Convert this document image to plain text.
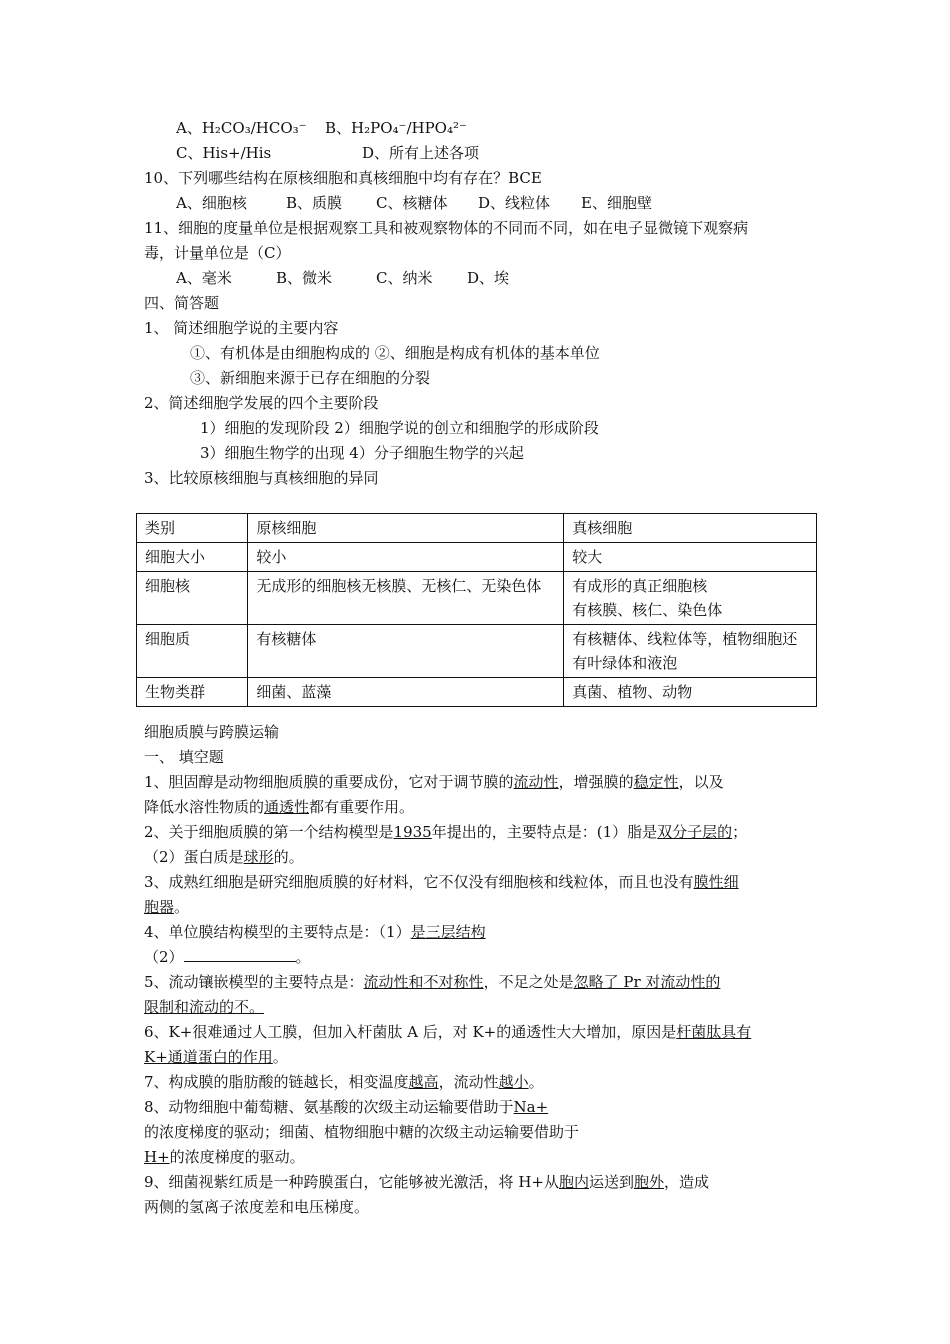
A、H₂CO₃/HCO₃⁻ B、H₂PO₄⁻/HPO₄²⁻
C、His+/His	D、所有上述各项
10、下列哪些结构在原核细胞和真核细胞中均有存在？BCE
A、细胞核	B、质膜 C、核糖体 D、线粒体 E、细胞壁
11、细胞的度量单位是根据观察工具和被观察物体的不同而不同，如在电子显微镜下观察病
毒，计量单位是（C）
A、毫米	B、微米	C、纳米 D、埃
四、简答题
1、 简述细胞学说的主要内容
①、有机体是由细胞构成的 ②、细胞是构成有机体的基本单位
③、新细胞来源于已存在细胞的分裂
2、简述细胞学发展的四个主要阶段
1）细胞的发现阶段 2）细胞学说的创立和细胞学的形成阶段
3）细胞生物学的出现 4）分子细胞生物学的兴起
3、比较原核细胞与真核细胞的异同
类别	原核细胞	真核细胞
细胞大小	较小	较大
细胞核	无成形的细胞核无核膜、无核仁、无染色体	有成形的真正细胞核
有核膜、核仁、染色体
细胞质	有核糖体	有核糖体、线粒体等，植物细胞还有叶绿体和液泡
生物类群	细菌、蓝藻	真菌、植物、动物
细胞质膜与跨膜运输
一、 填空题
1、胆固醇是动物细胞质膜的重要成份，它对于调节膜的流动性，增强膜的稳定性，以及
降低水溶性物质的通透性都有重要作用。
2、关于细胞质膜的第一个结构模型是1935年提出的，主要特点是：(1）脂是双分子层的；
（2）蛋白质是球形的。
3、成熟红细胞是研究细胞质膜的好材料，它不仅没有细胞核和线粒体，而且也没有膜性细
胞器。
4、单位膜结构模型的主要特点是：（1）是三层结构
（2）	。
5、流动镶嵌模型的主要特点是：流动性和不对称性，不足之处是忽略了 Pr 对流动性的
限制和流动的不。
6、K+很难通过人工膜，但加入杆菌肽 A 后，对 K+的通透性大大增加，原因是杆菌肽具有
K+通道蛋白的作用。
7、构成膜的脂肪酸的链越长，相变温度越高，流动性越小。
8、动物细胞中葡萄糖、氨基酸的次级主动运输要借助于Na+
的浓度梯度的驱动；细菌、植物细胞中糖的次级主动运输要借助于
H+的浓度梯度的驱动。
9、细菌视紫红质是一种跨膜蛋白，它能够被光激活，将 H+从胞内运送到胞外，造成
两侧的氢离子浓度差和电压梯度。
